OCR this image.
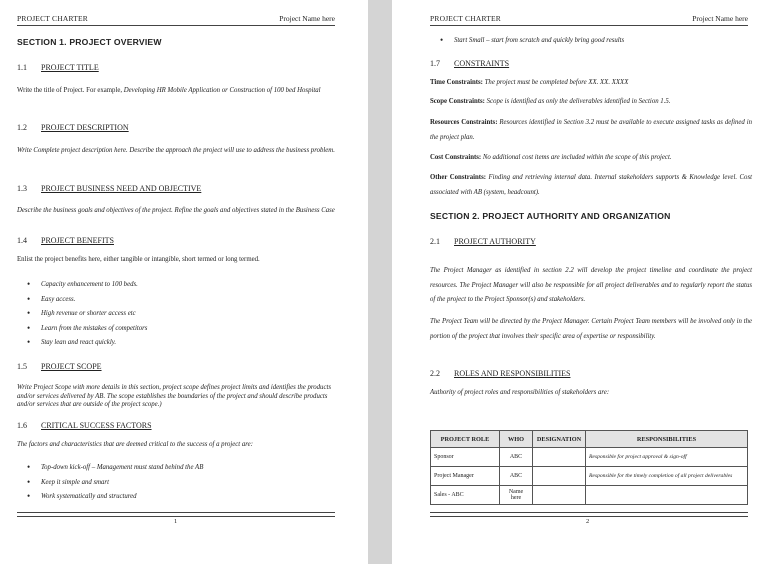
PROJECT CHARTER	Project Name here
SECTION 1. PROJECT OVERVIEW
1.1 PROJECT TITLE
Write the title of Project. For example, Developing HR Mobile Application or Construction of 100 bed Hospital
1.2 PROJECT DESCRIPTION
Write Complete project description here. Describe the approach the project will use to address the business problem.
1.3 PROJECT BUSINESS NEED AND OBJECTIVE
Describe the business goals and objectives of the project. Refine the goals and objectives stated in the Business Case
1.4 PROJECT BENEFITS
Enlist the project benefits here, either tangible or intangible, short termed or long termed.
• Capacity enhancement to 100 beds.
• Easy access.
• High revenue or shorter access etc
• Learn from the mistakes of competitors
• Stay lean and react quickly.
1.5 PROJECT SCOPE
Write Project Scope with more details in this section, project scope defines project limits and identifies the products and/or services delivered by AB. The scope establishes the boundaries of the project and should describe products and/or services that are outside of the project scope.)
1.6 CRITICAL SUCCESS FACTORS
The factors and characteristics that are deemed critical to the success of a project are:
• Top-down kick-off – Management must stand behind the AB
• Keep it simple and smart
• Work systematically and structured
1
PROJECT CHARTER	Project Name here
• Start Small – start from scratch and quickly bring good results
1.7 CONSTRAINTS
Time Constraints: The project must be completed before XX. XX. XXXX
Scope Constraints: Scope is identified as only the deliverables identified in Section 1.5.
Resources Constraints: Resources identified in Section 3.2 must be available to execute assigned tasks as defined in the project plan.
Cost Constraints: No additional cost items are included within the scope of this project.
Other Constraints: Finding and retrieving internal data. Internal stakeholders supports & Knowledge level. Cost associated with AB (system, headcount).
SECTION 2. PROJECT AUTHORITY AND ORGANIZATION
2.1 PROJECT AUTHORITY
The Project Manager as identified in section 2.2 will develop the project timeline and coordinate the project resources. The Project Manager will also be responsible for all project deliverables and to regularly report the status of the project to the Project Sponsor(s) and stakeholders.
The Project Team will be directed by the Project Manager. Certain Project Team members will be involved only in the portion of the project that involves their specific area of expertise or responsibility.
2.2 ROLES AND RESPONSIBILITIES
Authority of project roles and responsibilities of stakeholders are:
PROJECT ROLE	WHO	DESIGNATION	RESPONSIBILITIES
Sponsor	ABC		Responsible for project approval & sign-off
Project Manager	ABC		Responsible for the timely completion of all project deliverables
Sales - ABC	Name here		
2
